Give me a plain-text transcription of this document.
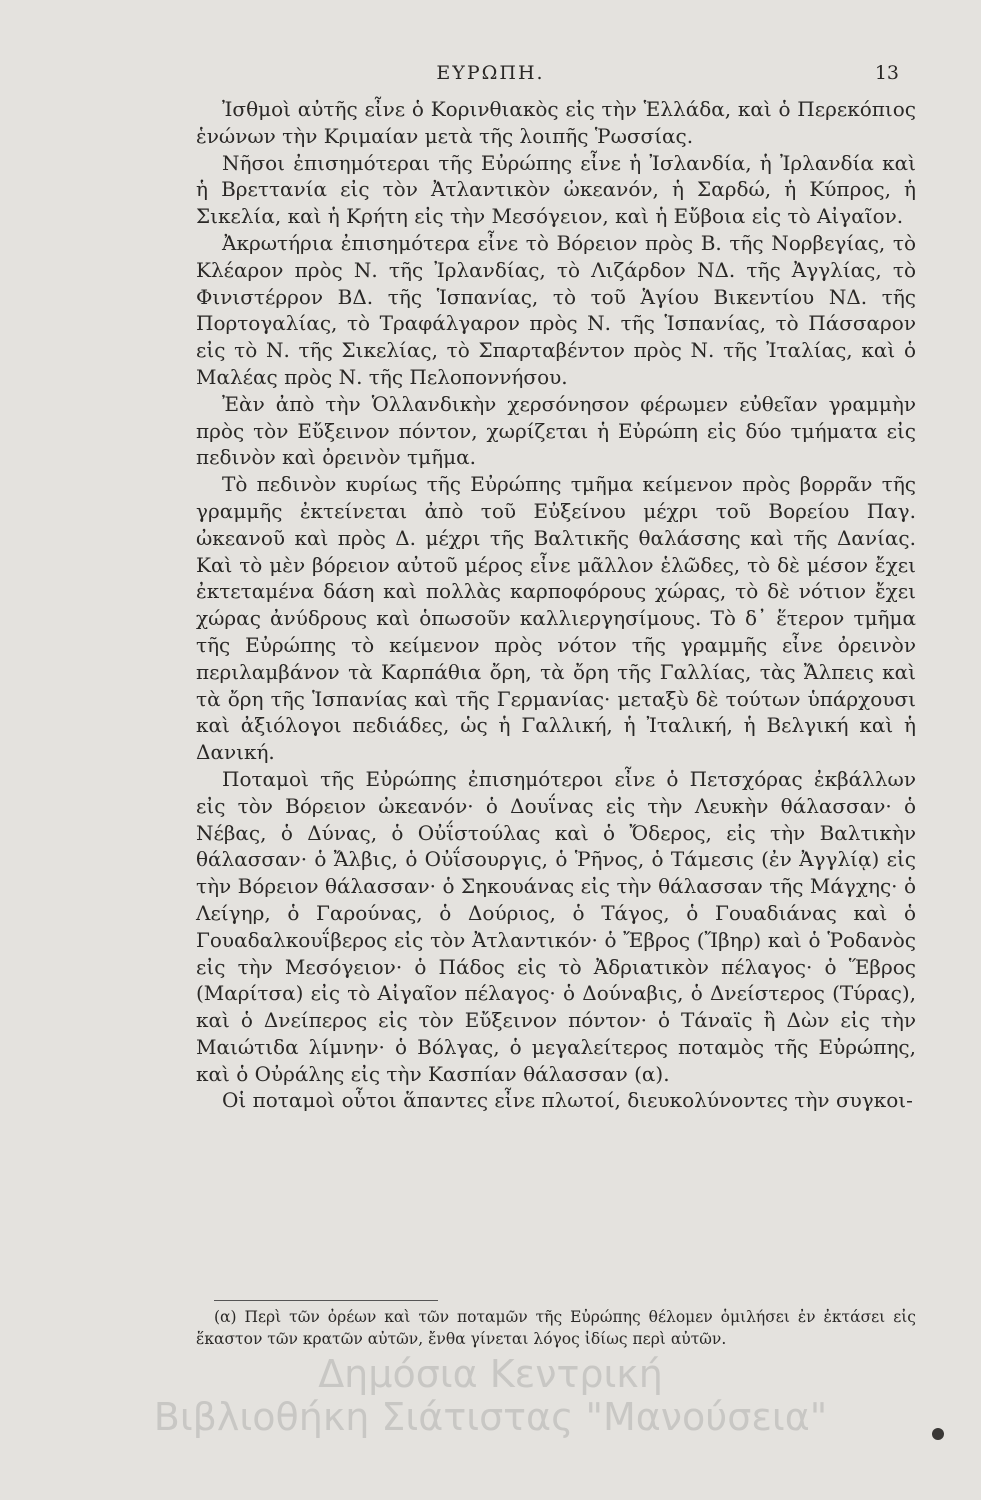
ΕΥΡΩΠΗ.	13

Ἰσθμοὶ αὐτῆς εἶνε ὁ Κορινθιακὸς εἰς τὴν Ἑλλάδα, καὶ ὁ Περεκόπιος ἑνώνων τὴν Κριμαίαν μετὰ τῆς λοιπῆς Ῥωσσίας.

Νῆσοι ἐπισημότεραι τῆς Εὐρώπης εἶνε ἡ Ἰσλανδία, ἡ Ἰρλανδία καὶ ἡ Βρεττανία εἰς τὸν Ἀτλαντικὸν ὠκεανόν, ἡ Σαρδώ, ἡ Κύπρος, ἡ Σικελία, καὶ ἡ Κρήτη εἰς τὴν Μεσόγειον, καὶ ἡ Εὔβοια εἰς τὸ Αἰγαῖον.

Ἀκρωτήρια ἐπισημότερα εἶνε τὸ Βόρειον πρὸς Β. τῆς Νορβεγίας, τὸ Κλέαρον πρὸς Ν. τῆς Ἰρλανδίας, τὸ Λιζάρδον ΝΔ. τῆς Ἀγγλίας, τὸ Φινιστέρρον ΒΔ. τῆς Ἱσπανίας, τὸ τοῦ Ἁγίου Βικεντίου ΝΔ. τῆς Πορτογαλίας, τὸ Τραφάλγαρον πρὸς Ν. τῆς Ἱσπανίας, τὸ Πάσσαρον εἰς τὸ Ν. τῆς Σικελίας, τὸ Σπαρταβέντον πρὸς Ν. τῆς Ἰταλίας, καὶ ὁ Μαλέας πρὸς Ν. τῆς Πελοποννήσου.

Ἐὰν ἀπὸ τὴν Ὁλλανδικὴν χερσόνησον φέρωμεν εὐθεῖαν γραμμὴν πρὸς τὸν Εὔξεινον πόντον, χωρίζεται ἡ Εὐρώπη εἰς δύο τμήματα εἰς πεδινὸν καὶ ὀρεινὸν τμῆμα.

Τὸ πεδινὸν κυρίως τῆς Εὐρώπης τμῆμα κείμενον πρὸς βορρᾶν τῆς γραμμῆς ἐκτείνεται ἀπὸ τοῦ Εὐξείνου μέχρι τοῦ Βορείου Παγ. ὠκεανοῦ καὶ πρὸς Δ. μέχρι τῆς Βαλτικῆς θαλάσσης καὶ τῆς Δανίας. Καὶ τὸ μὲν βόρειον αὐτοῦ μέρος εἶνε μᾶλλον ἑλῶδες, τὸ δὲ μέσον ἔχει ἐκτεταμένα δάση καὶ πολλὰς καρποφόρους χώρας, τὸ δὲ νότιον ἔχει χώρας ἀνύδρους καὶ ὁπωσοῦν καλλιεργησίμους. Τὸ δ᾽ ἕτερον τμῆμα τῆς Εὐρώπης τὸ κείμενον πρὸς νότον τῆς γραμμῆς εἶνε ὀρεινὸν περιλαμβάνον τὰ Καρπάθια ὄρη, τὰ ὄρη τῆς Γαλλίας, τὰς Ἄλπεις καὶ τὰ ὄρη τῆς Ἱσπανίας καὶ τῆς Γερμανίας· μεταξὺ δὲ τούτων ὑπάρχουσι καὶ ἀξιόλογοι πεδιάδες, ὡς ἡ Γαλλική, ἡ Ἰταλική, ἡ Βελγική καὶ ἡ Δανική.

Ποταμοὶ τῆς Εὐρώπης ἐπισημότεροι εἶνε ὁ Πετσχόρας ἐκβάλλων εἰς τὸν Βόρειον ὠκεανόν· ὁ Δουΐνας εἰς τὴν Λευκὴν θάλασσαν· ὁ Νέβας, ὁ Δύνας, ὁ Οὐΐστούλας καὶ ὁ Ὄδερος, εἰς τὴν Βαλτικὴν θάλασσαν· ὁ Ἄλβις, ὁ Οὐΐσουργις, ὁ Ῥῆνος, ὁ Τάμεσις (ἐν Ἀγγλίᾳ) εἰς τὴν Βόρειον θάλασσαν· ὁ Σηκουάνας εἰς τὴν θάλασσαν τῆς Μάγχης· ὁ Λείγηρ, ὁ Γαρούνας, ὁ Δούριος, ὁ Τάγος, ὁ Γουαδιάνας καὶ ὁ Γουαδαλκουΐβερος εἰς τὸν Ἀτλαντικόν· ὁ Ἔβρος (Ἴβηρ) καὶ ὁ Ῥοδανὸς εἰς τὴν Μεσόγειον· ὁ Πάδος εἰς τὸ Ἀδριατικὸν πέλαγος· ὁ Ἕβρος (Μαρίτσα) εἰς τὸ Αἰγαῖον πέλαγος· ὁ Δούναβις, ὁ Δνείστερος (Τύρας), καὶ ὁ Δνείπερος εἰς τὸν Εὔξεινον πόντον· ὁ Τάναϊς ἢ Δὼν εἰς τὴν Μαιώτιδα λίμνην· ὁ Βόλγας, ὁ μεγαλείτερος ποταμὸς τῆς Εὐρώπης, καὶ ὁ Οὐράλης εἰς τὴν Κασπίαν θάλασσαν (α).

Οἱ ποταμοὶ οὗτοι ἅπαντες εἶνε πλωτοί, διευκολύνοντες τὴν συγκοι-

(α) Περὶ τῶν ὀρέων καὶ τῶν ποταμῶν τῆς Εὐρώπης θέλομεν ὁμιλήσει ἐν ἐκτάσει εἰς ἕκαστον τῶν κρατῶν αὐτῶν, ἔνθα γίνεται λόγος ἰδίως περὶ αὐτῶν.
Δημόσια Κεντρική
Βιβλιοθήκη Σιάτιστας "Μανούσεια"
